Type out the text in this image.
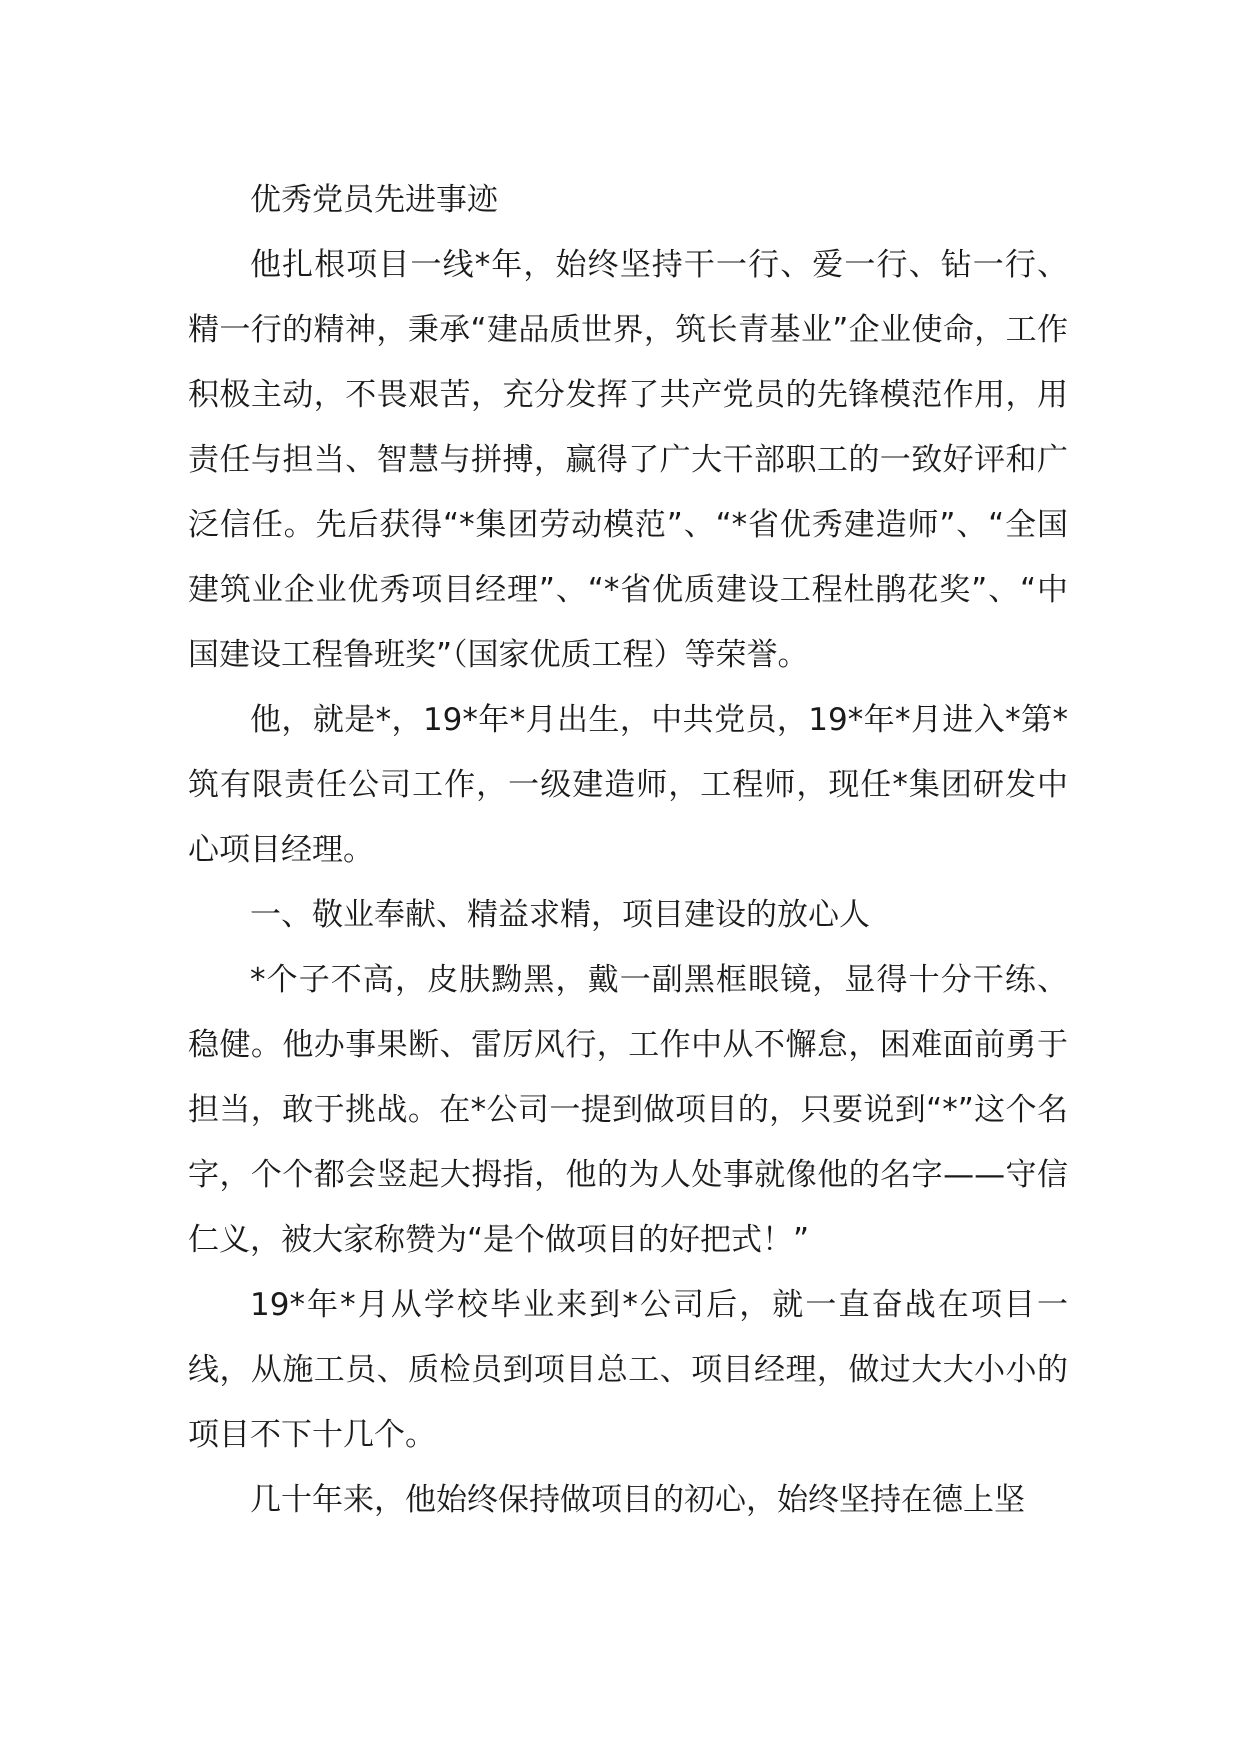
优秀党员先进事迹

他扎根项目一线*年，始终坚持干一行、爱一行、钻一行、精一行的精神，秉承“建品质世界，筑长青基业”企业使命，工作积极主动，不畏艰苦，充分发挥了共产党员的先锋模范作用，用责任与担当、智慧与拼搏，赢得了广大干部职工的一致好评和广泛信任。先后获得“*集团劳动模范”、“*省优秀建造师”、“全国建筑业企业优秀项目经理”、“*省优质建设工程杜鹃花奖”、“中国建设工程鲁班奖”（国家优质工程）等荣誉。

他，就是*，19*年*月出生，中共党员，19*年*月进入*第*筑有限责任公司工作，一级建造师，工程师，现任*集团研发中心项目经理。

一、敬业奉献、精益求精，项目建设的放心人

*个子不高，皮肤黝黑，戴一副黑框眼镜，显得十分干练、稳健。他办事果断、雷厉风行，工作中从不懈怠，困难面前勇于担当，敢于挑战。在*公司一提到做项目的，只要说到“*”这个名字，个个都会竖起大拇指，他的为人处事就像他的名字——守信仁义，被大家称赞为“是个做项目的好把式！”

19*年*月从学校毕业来到*公司后，就一直奋战在项目一线，从施工员、质检员到项目总工、项目经理，做过大大小小的项目不下十几个。

几十年来，他始终保持做项目的初心，始终坚持在德上坚
